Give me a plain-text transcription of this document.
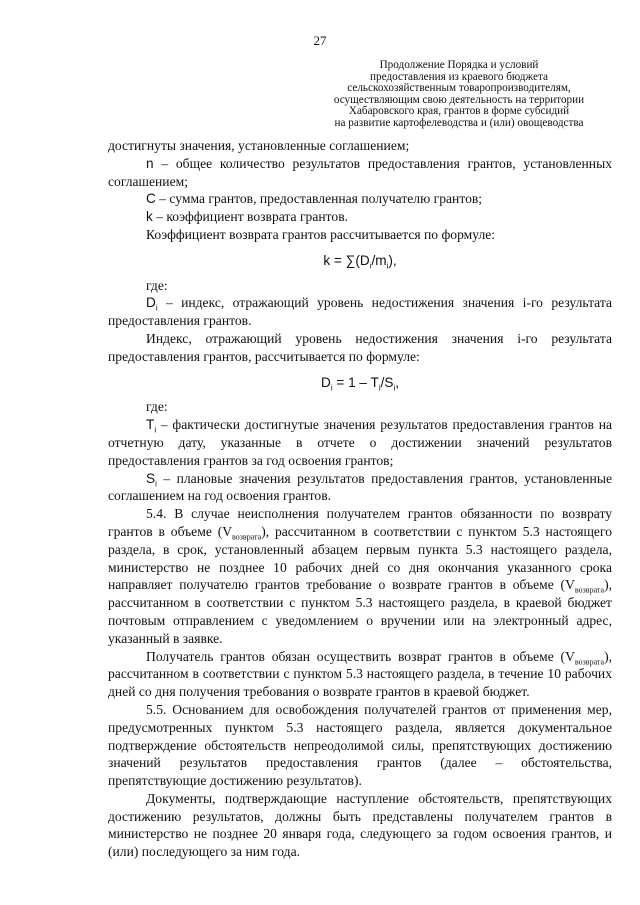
27
Продолжение Порядка и условий
предоставления из краевого бюджета
сельскохозяйственным товаропроизводителям,
осуществляющим свою деятельность на территории
Хабаровского края, грантов в форме субсидий
на развитие картофелеводства и (или) овощеводства

достигнуты значения, установленные соглашением;

n – общее количество результатов предоставления грантов, установленных соглашением;

C – сумма грантов, предоставленная получателю грантов;

k – коэффициент возврата грантов.

Коэффициент возврата грантов рассчитывается по формуле:

$k = \sum(D_i/m_i)$,

где:

$D_i$ – индекс, отражающий уровень недостижения значения i-го результата предоставления грантов.

Индекс, отражающий уровень недостижения значения i-го результата предоставления грантов, рассчитывается по формуле:

$D_i = 1 - T_i/S_i$,

где:

$T_i$ – фактически достигнутые значения результатов предоставления грантов на отчетную дату, указанные в отчете о достижении значений результатов предоставления грантов за год освоения грантов;

$S_i$ – плановые значения результатов предоставления грантов, установленные соглашением на год освоения грантов.

5.4. В случае неисполнения получателем грантов обязанности по возврату грантов в объеме $(V_{возврата})$, рассчитанном в соответствии с пунктом 5.3 настоящего раздела, в срок, установленный абзацем первым пункта 5.3 настоящего раздела, министерство не позднее 10 рабочих дней со дня окончания указанного срока направляет получателю грантов требование о возврате грантов в объеме $(V_{возврата})$, рассчитанном в соответствии с пунктом 5.3 настоящего раздела, в краевой бюджет почтовым отправлением с уведомлением о вручении или на электронный адрес, указанный в заявке.

Получатель грантов обязан осуществить возврат грантов в объеме $(V_{возврата})$, рассчитанном в соответствии с пунктом 5.3 настоящего раздела, в течение 10 рабочих дней со дня получения требования о возврате грантов в краевой бюджет.

5.5. Основанием для освобождения получателей грантов от применения мер, предусмотренных пунктом 5.3 настоящего раздела, является документальное подтверждение обстоятельств непреодолимой силы, препятствующих достижению значений результатов предоставления грантов (далее – обстоятельства, препятствующие достижению результатов).

Документы, подтверждающие наступление обстоятельств, препятствующих достижению результатов, должны быть представлены получателем грантов в министерство не позднее 20 января года, следующего за годом освоения грантов, и (или) последующего за ним года.
